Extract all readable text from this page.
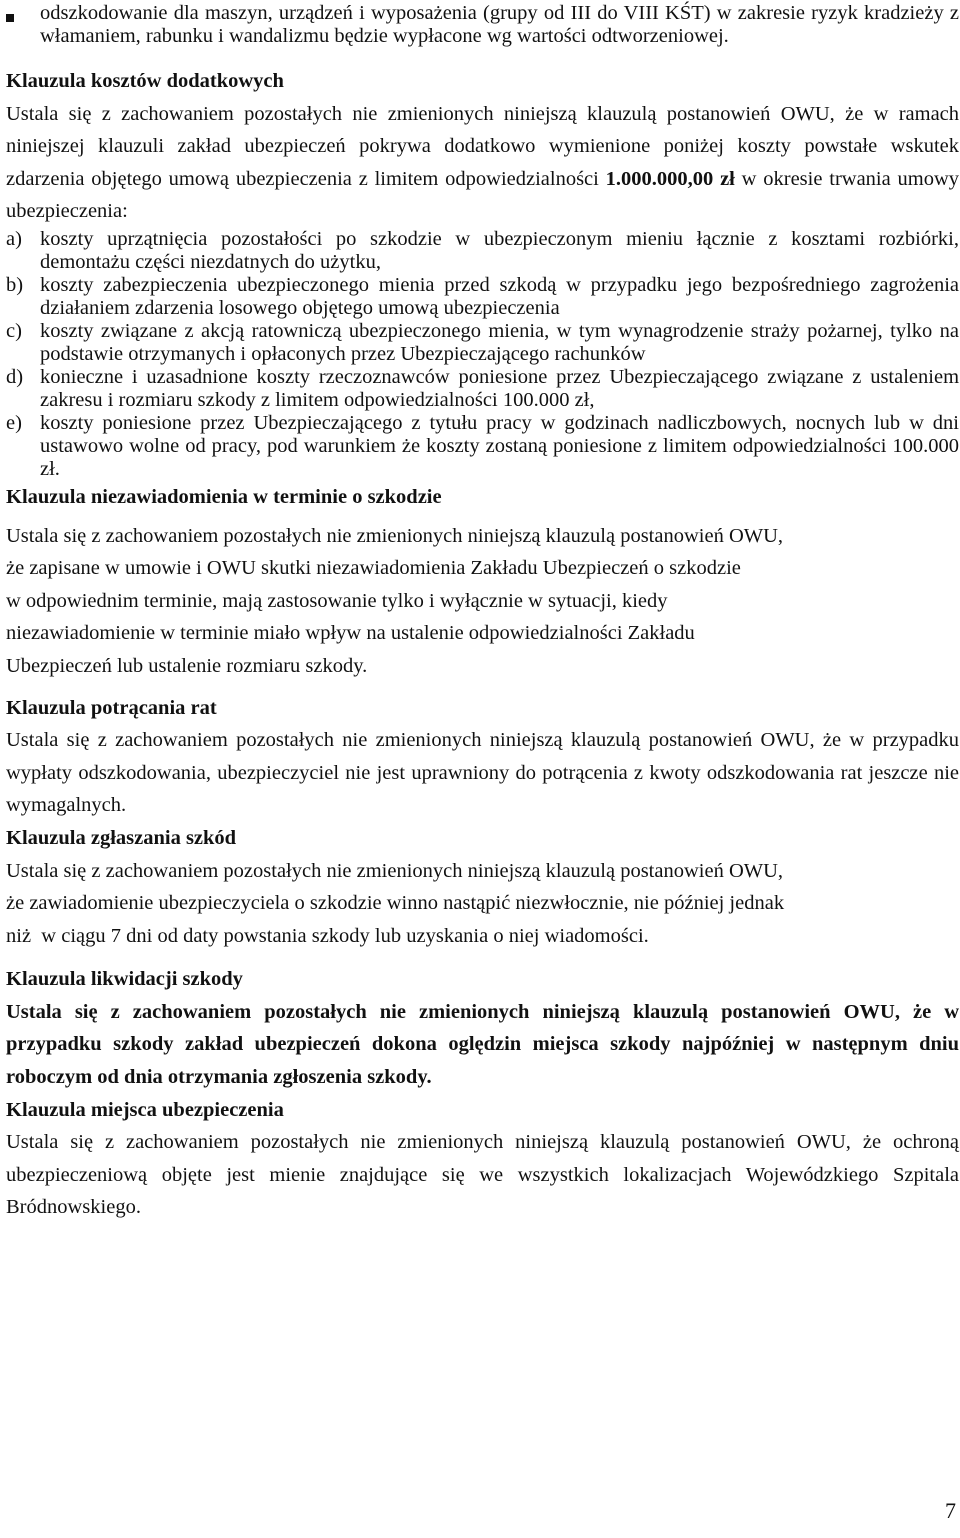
odszkodowanie dla maszyn, urządzeń i wyposażenia (grupy od III do VIII KŚT) w zakresie ryzyk kradzieży z włamaniem, rabunku i wandalizmu będzie wypłacone wg wartości odtworzeniowej.

Klauzula kosztów dodatkowych

Ustala się z zachowaniem pozostałych nie zmienionych niniejszą klauzulą postanowień OWU, że w ramach niniejszej klauzuli zakład ubezpieczeń pokrywa dodatkowo wymienione poniżej koszty powstałe wskutek zdarzenia objętego umową ubezpieczenia z limitem odpowiedzialności 1.000.000,00 zł w okresie trwania umowy ubezpieczenia:

a) koszty uprzątnięcia pozostałości po szkodzie w ubezpieczonym mieniu łącznie z kosztami rozbiórki, demontażu części niezdatnych do użytku,
b) koszty zabezpieczenia ubezpieczonego mienia przed szkodą w przypadku jego bezpośredniego zagrożenia działaniem zdarzenia losowego objętego umową ubezpieczenia
c) koszty związane z akcją ratowniczą ubezpieczonego mienia, w tym wynagrodzenie straży pożarnej, tylko na podstawie otrzymanych i opłaconych przez Ubezpieczającego rachunków
d) konieczne i uzasadnione koszty rzeczoznawców poniesione przez Ubezpieczającego związane z ustaleniem zakresu i rozmiaru szkody z limitem odpowiedzialności 100.000 zł,
e) koszty poniesione przez Ubezpieczającego z tytułu pracy w godzinach nadliczbowych, nocnych lub w dni ustawowo wolne od pracy, pod warunkiem że koszty zostaną poniesione z limitem odpowiedzialności 100.000 zł.

Klauzula niezawiadomienia w terminie o szkodzie

Ustala się z zachowaniem pozostałych nie zmienionych niniejszą klauzulą postanowień OWU,
że zapisane w umowie i OWU skutki niezawiadomienia Zakładu Ubezpieczeń o szkodzie
w odpowiednim terminie, mają zastosowanie tylko i wyłącznie w sytuacji, kiedy
niezawiadomienie w terminie miało wpływ na ustalenie odpowiedzialności Zakładu
Ubezpieczeń lub ustalenie rozmiaru szkody.

Klauzula potrącania rat

Ustala się z zachowaniem pozostałych nie zmienionych niniejszą klauzulą postanowień OWU, że w przypadku wypłaty odszkodowania, ubezpieczyciel nie jest uprawniony do potrącenia z kwoty odszkodowania rat jeszcze nie wymagalnych.

Klauzula zgłaszania szkód

Ustala się z zachowaniem pozostałych nie zmienionych niniejszą klauzulą postanowień OWU,
że zawiadomienie ubezpieczyciela o szkodzie winno nastąpić niezwłocznie, nie później jednak
niż  w ciągu 7 dni od daty powstania szkody lub uzyskania o niej wiadomości.

Klauzula likwidacji szkody

Ustala się z zachowaniem pozostałych nie zmienionych niniejszą klauzulą postanowień OWU, że w przypadku szkody zakład ubezpieczeń dokona oględzin miejsca szkody najpóźniej w następnym dniu roboczym od dnia otrzymania zgłoszenia szkody.

Klauzula miejsca ubezpieczenia

Ustala się z zachowaniem pozostałych nie zmienionych niniejszą klauzulą postanowień OWU, że ochroną ubezpieczeniową objęte jest mienie znajdujące się we wszystkich lokalizacjach Wojewódzkiego Szpitala Bródnowskiego.

7
